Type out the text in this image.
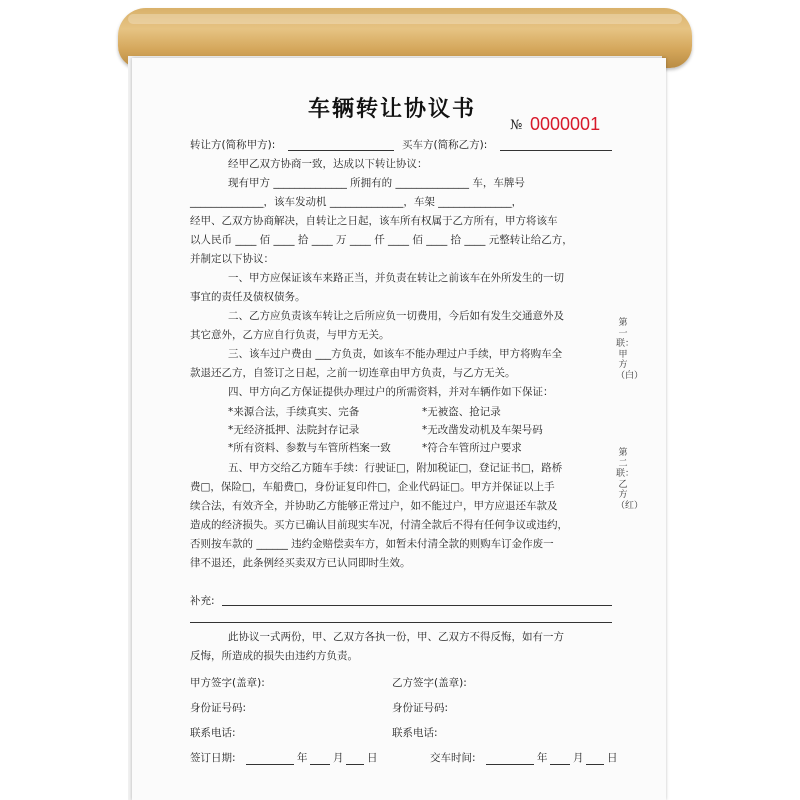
车辆转让协议书
№ 0000001
转让方(简称甲方):	买车方(简称乙方):
经甲乙双方协商一致，达成以下转让协议：
现有甲方 ______________ 所拥有的 ______________ 车，车牌号
______________，该车发动机 ______________，车架 ______________，
经甲、乙双方协商解决，自转让之日起，该车所有权属于乙方所有，甲方将该车
以人民币 ____ 佰 ____ 拾 ____ 万 ____ 仟 ____ 佰 ____ 拾 ____ 元整转让给乙方，
并制定以下协议：
一、甲方应保证该车来路正当，并负责在转让之前该车在外所发生的一切
事宜的责任及债权债务。
二、乙方应负责该车转让之后所应负一切费用，今后如有发生交通意外及
其它意外，乙方应自行负责，与甲方无关。
三、该车过户费由 ___方负责，如该车不能办理过户手续，甲方将购车全
款退还乙方，自签订之日起，之前一切连章由甲方负责，与乙方无关。
四、甲方向乙方保证提供办理过户的所需资料，并对车辆作如下保证：
*来源合法，手续真实、完备	*无被盗、抢记录
*无经济抵押、法院封存记录	*无改凿发动机及车架号码
*所有资料、参数与车管所档案一致	*符合车管所过户要求
五、甲方交给乙方随车手续：行驶证□，附加税证□，登记证书□，路桥
费□，保险□，车船费□，身份证复印件□，企业代码证□。甲方并保证以上手
续合法，有效齐全，并协助乙方能够正常过户，如不能过户，甲方应退还车款及
造成的经济损失。买方已确认目前现实车况，付清全款后不得有任何争议或违约，
否则按车款的 ______ 违约金赔偿卖车方，如暂未付清全款的则购车订金作废一
律不退还，此条例经买卖双方已认同即时生效。
第一联：甲方（白）
第二联：乙方（红）
补充:
此协议一式两份，甲、乙双方各执一份，甲、乙双方不得反悔，如有一方
反悔，所造成的损失由违约方负责。
甲方签字(盖章):	乙方签字(盖章):
身份证号码:	身份证号码:
联系电话:	联系电话:
签订日期:	年 月 日	交车时间:	年 月 日
